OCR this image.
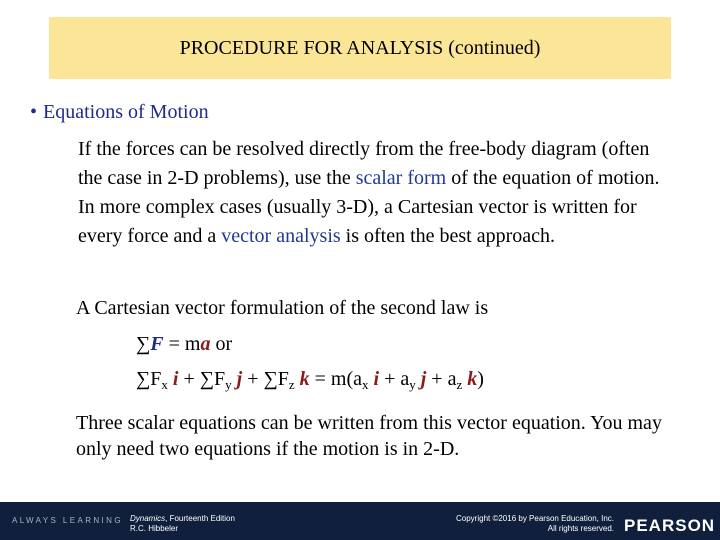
PROCEDURE FOR ANALYSIS (continued)
• Equations of Motion
If the forces can be resolved directly from the free-body diagram (often the case in 2-D problems), use the scalar form of the equation of motion. In more complex cases (usually 3-D), a Cartesian vector is written for every force and a vector analysis is often the best approach.
A Cartesian vector formulation of the second law is
∑F = ma or
$\sum F_x$ $i + \sum F_y$ $j + \sum F_z$ $k = m(a_x$ $i + a_y$ $j + a_z$ k)
Three scalar equations can be written from this vector equation. You may only need two equations if the motion is in 2-D.
ALWAYS LEARNING Dynamics, Fourteenth Edition
R.C. Hibbeler
Copyright ©2016 by Pearson Education, Inc.
All rights reserved. PEARSON
